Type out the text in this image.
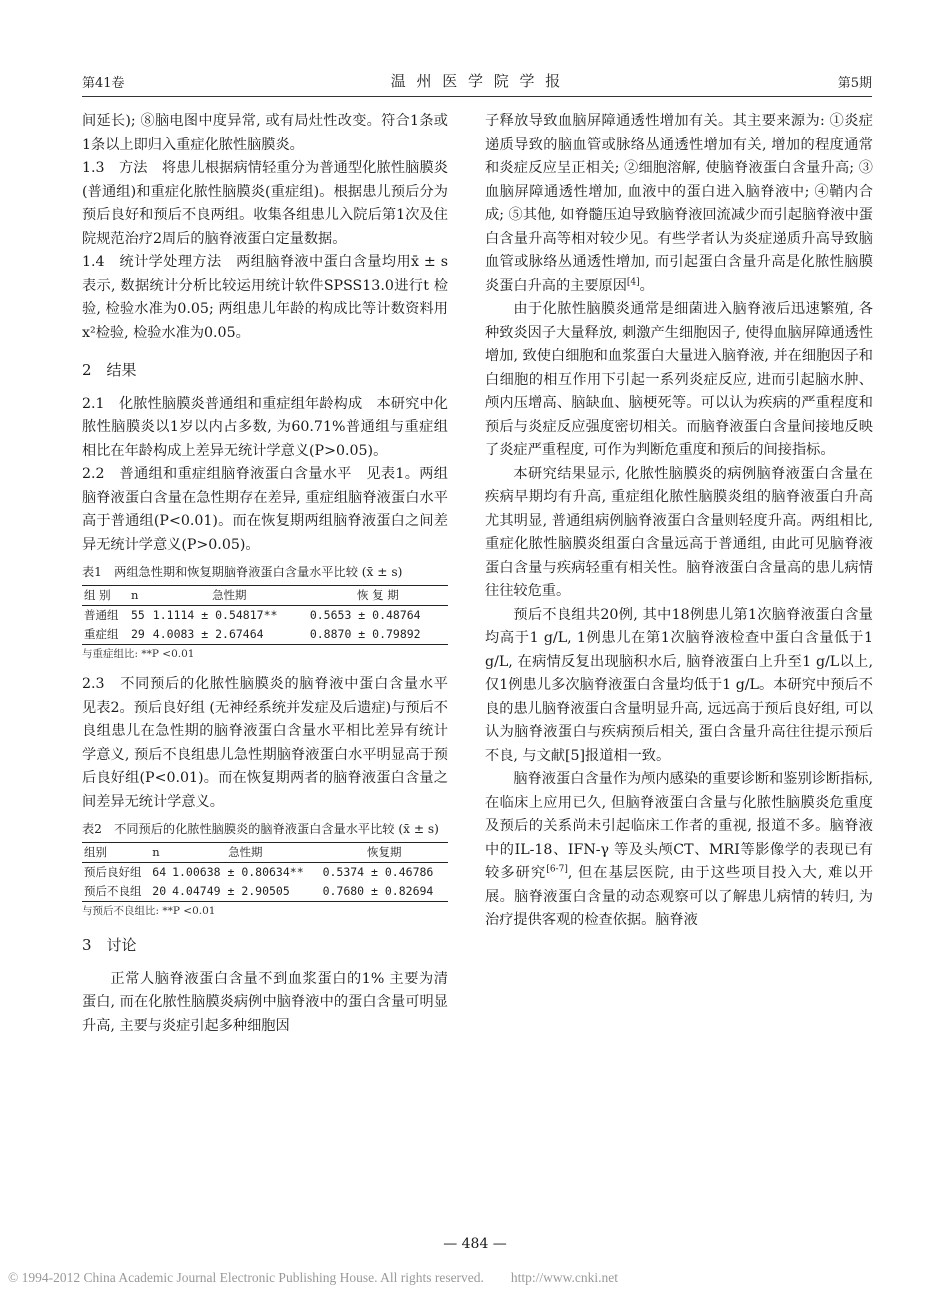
第41卷	温 州 医 学 院 学 报	第5期

间延长); ⑧脑电图中度异常, 或有局灶性改变。符合1条或1条以上即归入重症化脓性脑膜炎。

1.3　方法　将患儿根据病情轻重分为普通型化脓性脑膜炎(普通组)和重症化脓性脑膜炎(重症组)。根据患儿预后分为预后良好和预后不良两组。收集各组患儿入院后第1次及住院规范治疗2周后的脑脊液蛋白定量数据。

1.4　统计学处理方法　两组脑脊液中蛋白含量均用x̄ ± s 表示, 数据统计分析比较运用统计软件SPSS13.0进行t 检验, 检验水准为0.05; 两组患儿年龄的构成比等计数资料用x²检验, 检验水准为0.05。

2　结果

2.1　化脓性脑膜炎普通组和重症组年龄构成　本研究中化脓性脑膜炎以1岁以内占多数, 为60.71%普通组与重症组相比在年龄构成上差异无统计学意义(P>0.05)。

2.2　普通组和重症组脑脊液蛋白含量水平　见表1。两组脑脊液蛋白含量在急性期存在差异, 重症组脑脊液蛋白水平高于普通组(P<0.01)。而在恢复期两组脑脊液蛋白之间差异无统计学意义(P>0.05)。

表1　两组急性期和恢复期脑脊液蛋白含量水平比较 (x̄ ± s)

组 别	n	急性期	恢 复 期
普通组	55	1.1114 ± 0.54817**	0.5653 ± 0.48764
重症组	29	4.0083 ± 2.67464	0.8870 ± 0.79892

与重症组比: **P <0.01

2.3　不同预后的化脓性脑膜炎的脑脊液中蛋白含量水平　见表2。预后良好组 (无神经系统并发症及后遗症)与预后不良组患儿在急性期的脑脊液蛋白含量水平相比差异有统计学意义, 预后不良组患儿急性期脑脊液蛋白水平明显高于预后良好组(P<0.01)。而在恢复期两者的脑脊液蛋白含量之间差异无统计学意义。

表2　不同预后的化脓性脑膜炎的脑脊液蛋白含量水平比较 (x̄ ± s)

组别	n	急性期	恢复期
预后良好组	64	1.00638 ± 0.80634**	0.5374 ± 0.46786
预后不良组	20	4.04749 ± 2.90505	0.7680 ± 0.82694

与预后不良组比: **P <0.01

3　讨论

正常人脑脊液蛋白含量不到血浆蛋白的1% 主要为清蛋白, 而在化脓性脑膜炎病例中脑脊液中的蛋白含量可明显升高, 主要与炎症引起多种细胞因

子释放导致血脑屏障通透性增加有关。其主要来源为: ①炎症递质导致的脑血管或脉络丛通透性增加有关, 增加的程度通常和炎症反应呈正相关; ②细胞溶解, 使脑脊液蛋白含量升高; ③血脑屏障通透性增加, 血液中的蛋白进入脑脊液中; ④鞘内合成; ⑤其他, 如脊髓压迫导致脑脊液回流减少而引起脑脊液中蛋白含量升高等相对较少见。有些学者认为炎症递质升高导致脑血管或脉络丛通透性增加, 而引起蛋白含量升高是化脓性脑膜炎蛋白升高的主要原因[4]。

由于化脓性脑膜炎通常是细菌进入脑脊液后迅速繁殖, 各种致炎因子大量释放, 刺激产生细胞因子, 使得血脑屏障通透性增加, 致使白细胞和血浆蛋白大量进入脑脊液, 并在细胞因子和白细胞的相互作用下引起一系列炎症反应, 进而引起脑水肿、颅内压增高、脑缺血、脑梗死等。可以认为疾病的严重程度和预后与炎症反应强度密切相关。而脑脊液蛋白含量间接地反映了炎症严重程度, 可作为判断危重度和预后的间接指标。

本研究结果显示, 化脓性脑膜炎的病例脑脊液蛋白含量在疾病早期均有升高, 重症组化脓性脑膜炎组的脑脊液蛋白升高尤其明显, 普通组病例脑脊液蛋白含量则轻度升高。两组相比, 重症化脓性脑膜炎组蛋白含量远高于普通组, 由此可见脑脊液蛋白含量与疾病轻重有相关性。脑脊液蛋白含量高的患儿病情往往较危重。

预后不良组共20例, 其中18例患儿第1次脑脊液蛋白含量均高于1 g/L, 1例患儿在第1次脑脊液检查中蛋白含量低于1 g/L, 在病情反复出现脑积水后, 脑脊液蛋白上升至1 g/L以上, 仅1例患儿多次脑脊液蛋白含量均低于1 g/L。本研究中预后不良的患儿脑脊液蛋白含量明显升高, 远远高于预后良好组, 可以认为脑脊液蛋白与疾病预后相关, 蛋白含量升高往往提示预后不良, 与文献[5]报道相一致。

脑脊液蛋白含量作为颅内感染的重要诊断和鉴别诊断指标, 在临床上应用已久, 但脑脊液蛋白含量与化脓性脑膜炎危重度及预后的关系尚未引起临床工作者的重视, 报道不多。脑脊液中的IL-18、IFN-γ 等及头颅CT、MRI等影像学的表现已有较多研究[6-7], 但在基层医院, 由于这些项目投入大, 难以开展。脑脊液蛋白含量的动态观察可以了解患儿病情的转归, 为治疗提供客观的检查依据。脑脊液

— 484 —
© 1994-2012 China Academic Journal Electronic Publishing House. All rights reserved.　　http://www.cnki.net
